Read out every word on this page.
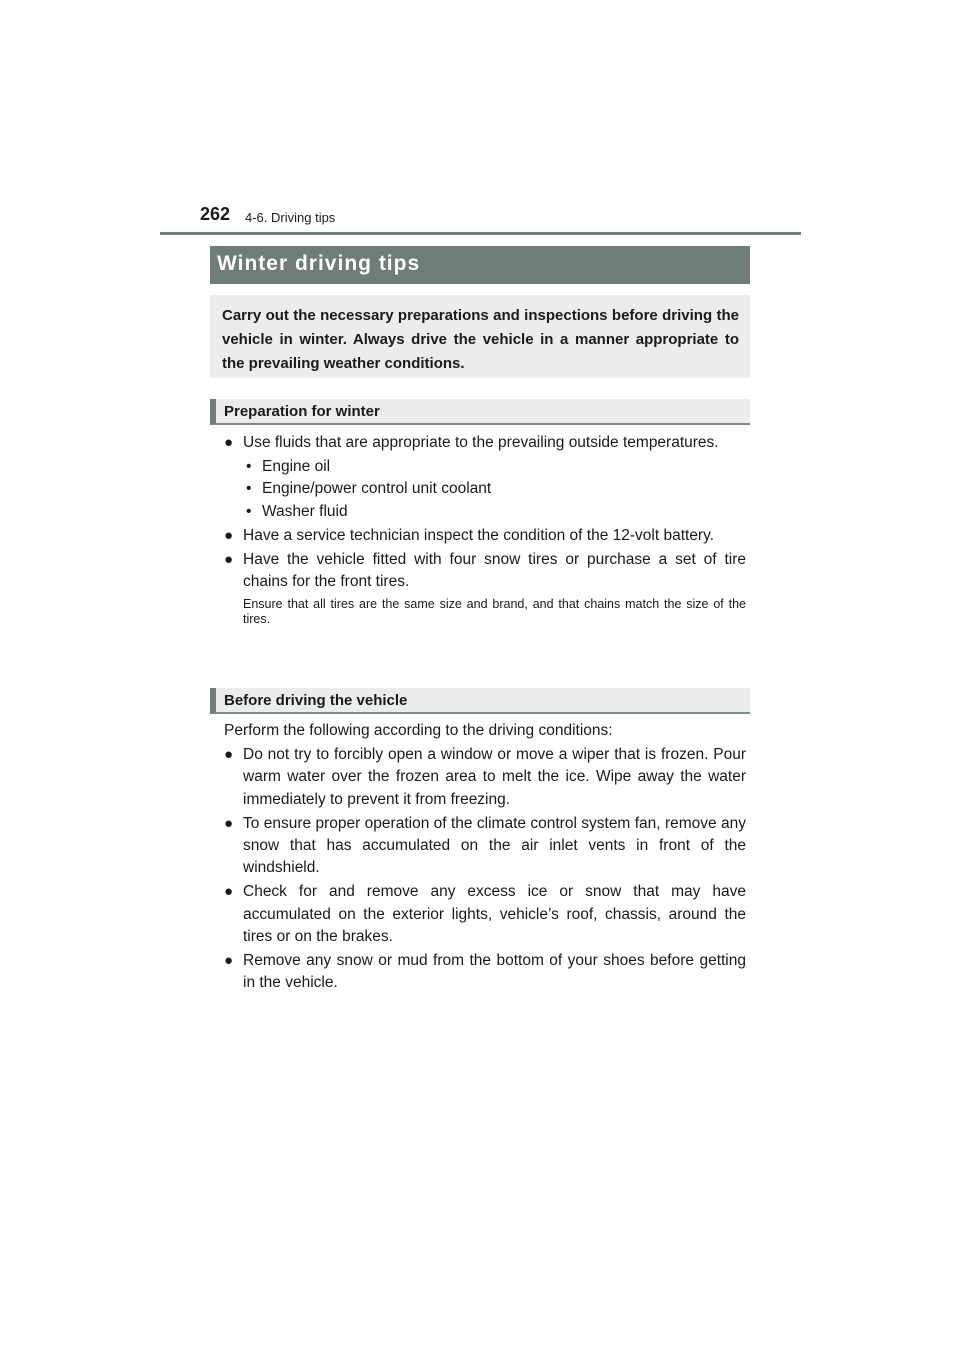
262 4-6. Driving tips
Winter driving tips
Carry out the necessary preparations and inspections before driving the vehicle in winter. Always drive the vehicle in a manner appropriate to the prevailing weather conditions.
Preparation for winter
● Use fluids that are appropriate to the prevailing outside temperatures.
• Engine oil
• Engine/power control unit coolant
• Washer fluid
● Have a service technician inspect the condition of the 12-volt battery.
● Have the vehicle fitted with four snow tires or purchase a set of tire chains for the front tires.
Ensure that all tires are the same size and brand, and that chains match the size of the tires.
Before driving the vehicle
Perform the following according to the driving conditions:
● Do not try to forcibly open a window or move a wiper that is frozen. Pour warm water over the frozen area to melt the ice. Wipe away the water immediately to prevent it from freezing.
● To ensure proper operation of the climate control system fan, remove any snow that has accumulated on the air inlet vents in front of the windshield.
● Check for and remove any excess ice or snow that may have accumulated on the exterior lights, vehicle’s roof, chassis, around the tires or on the brakes.
● Remove any snow or mud from the bottom of your shoes before getting in the vehicle.
